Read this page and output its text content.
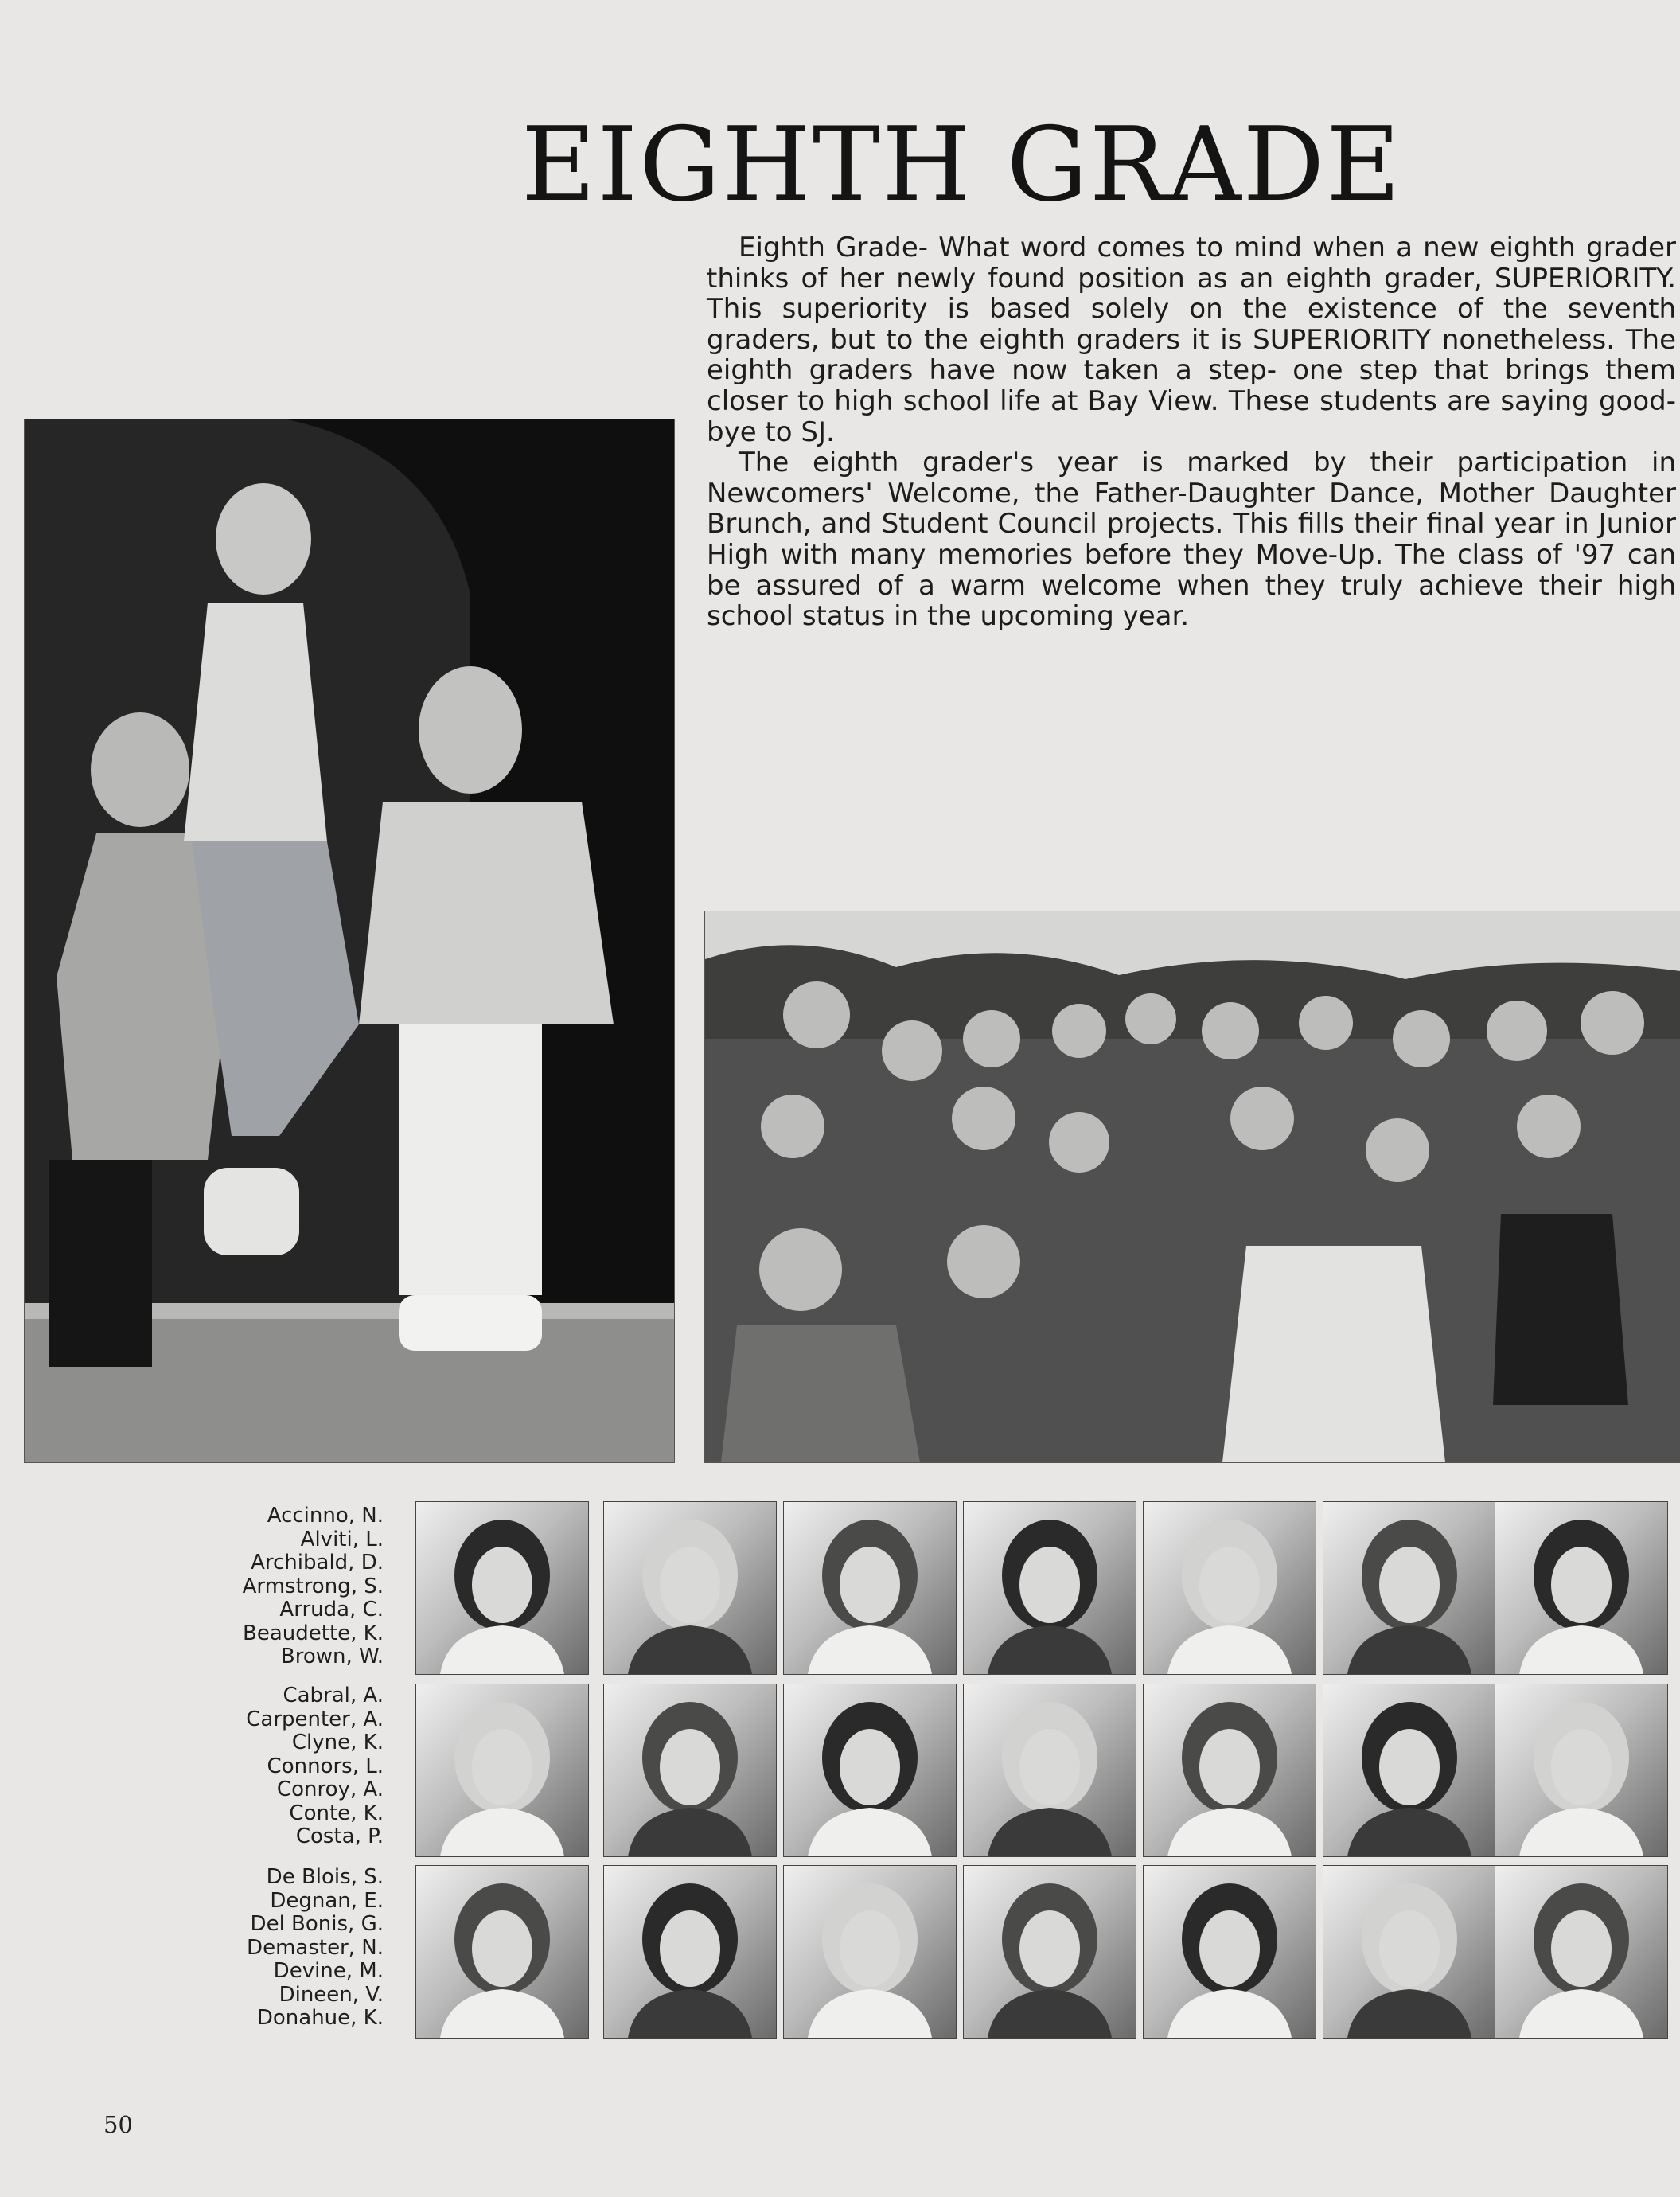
EIGHTH GRADE

Eighth Grade- What word comes to mind when a new eighth grader thinks of her newly found position as an eighth grader, SUPERIORITY. This superiority is based solely on the existence of the seventh graders, but to the eighth graders it is SUPERIORITY nonetheless. The eighth graders have now taken a step- one step that brings them closer to high school life at Bay View. These students are saying good-bye to SJ.

The eighth grader's year is marked by their participation in Newcomers' Welcome, the Father-Daughter Dance, Mother Daughter Brunch, and Student Council projects. This fills their final year in Junior High with many memories before they Move-Up. The class of '97 can be assured of a warm welcome when they truly achieve their high school status in the upcoming year.

Accinno, N.
Alviti, L.
Archibald, D.
Armstrong, S.
Arruda, C.
Beaudette, K.
Brown, W.
Cabral, A.
Carpenter, A.
Clyne, K.
Connors, L.
Conroy, A.
Conte, K.
Costa, P.
De Blois, S.
Degnan, E.
Del Bonis, G.
Demaster, N.
Devine, M.
Dineen, V.
Donahue, K.
50
